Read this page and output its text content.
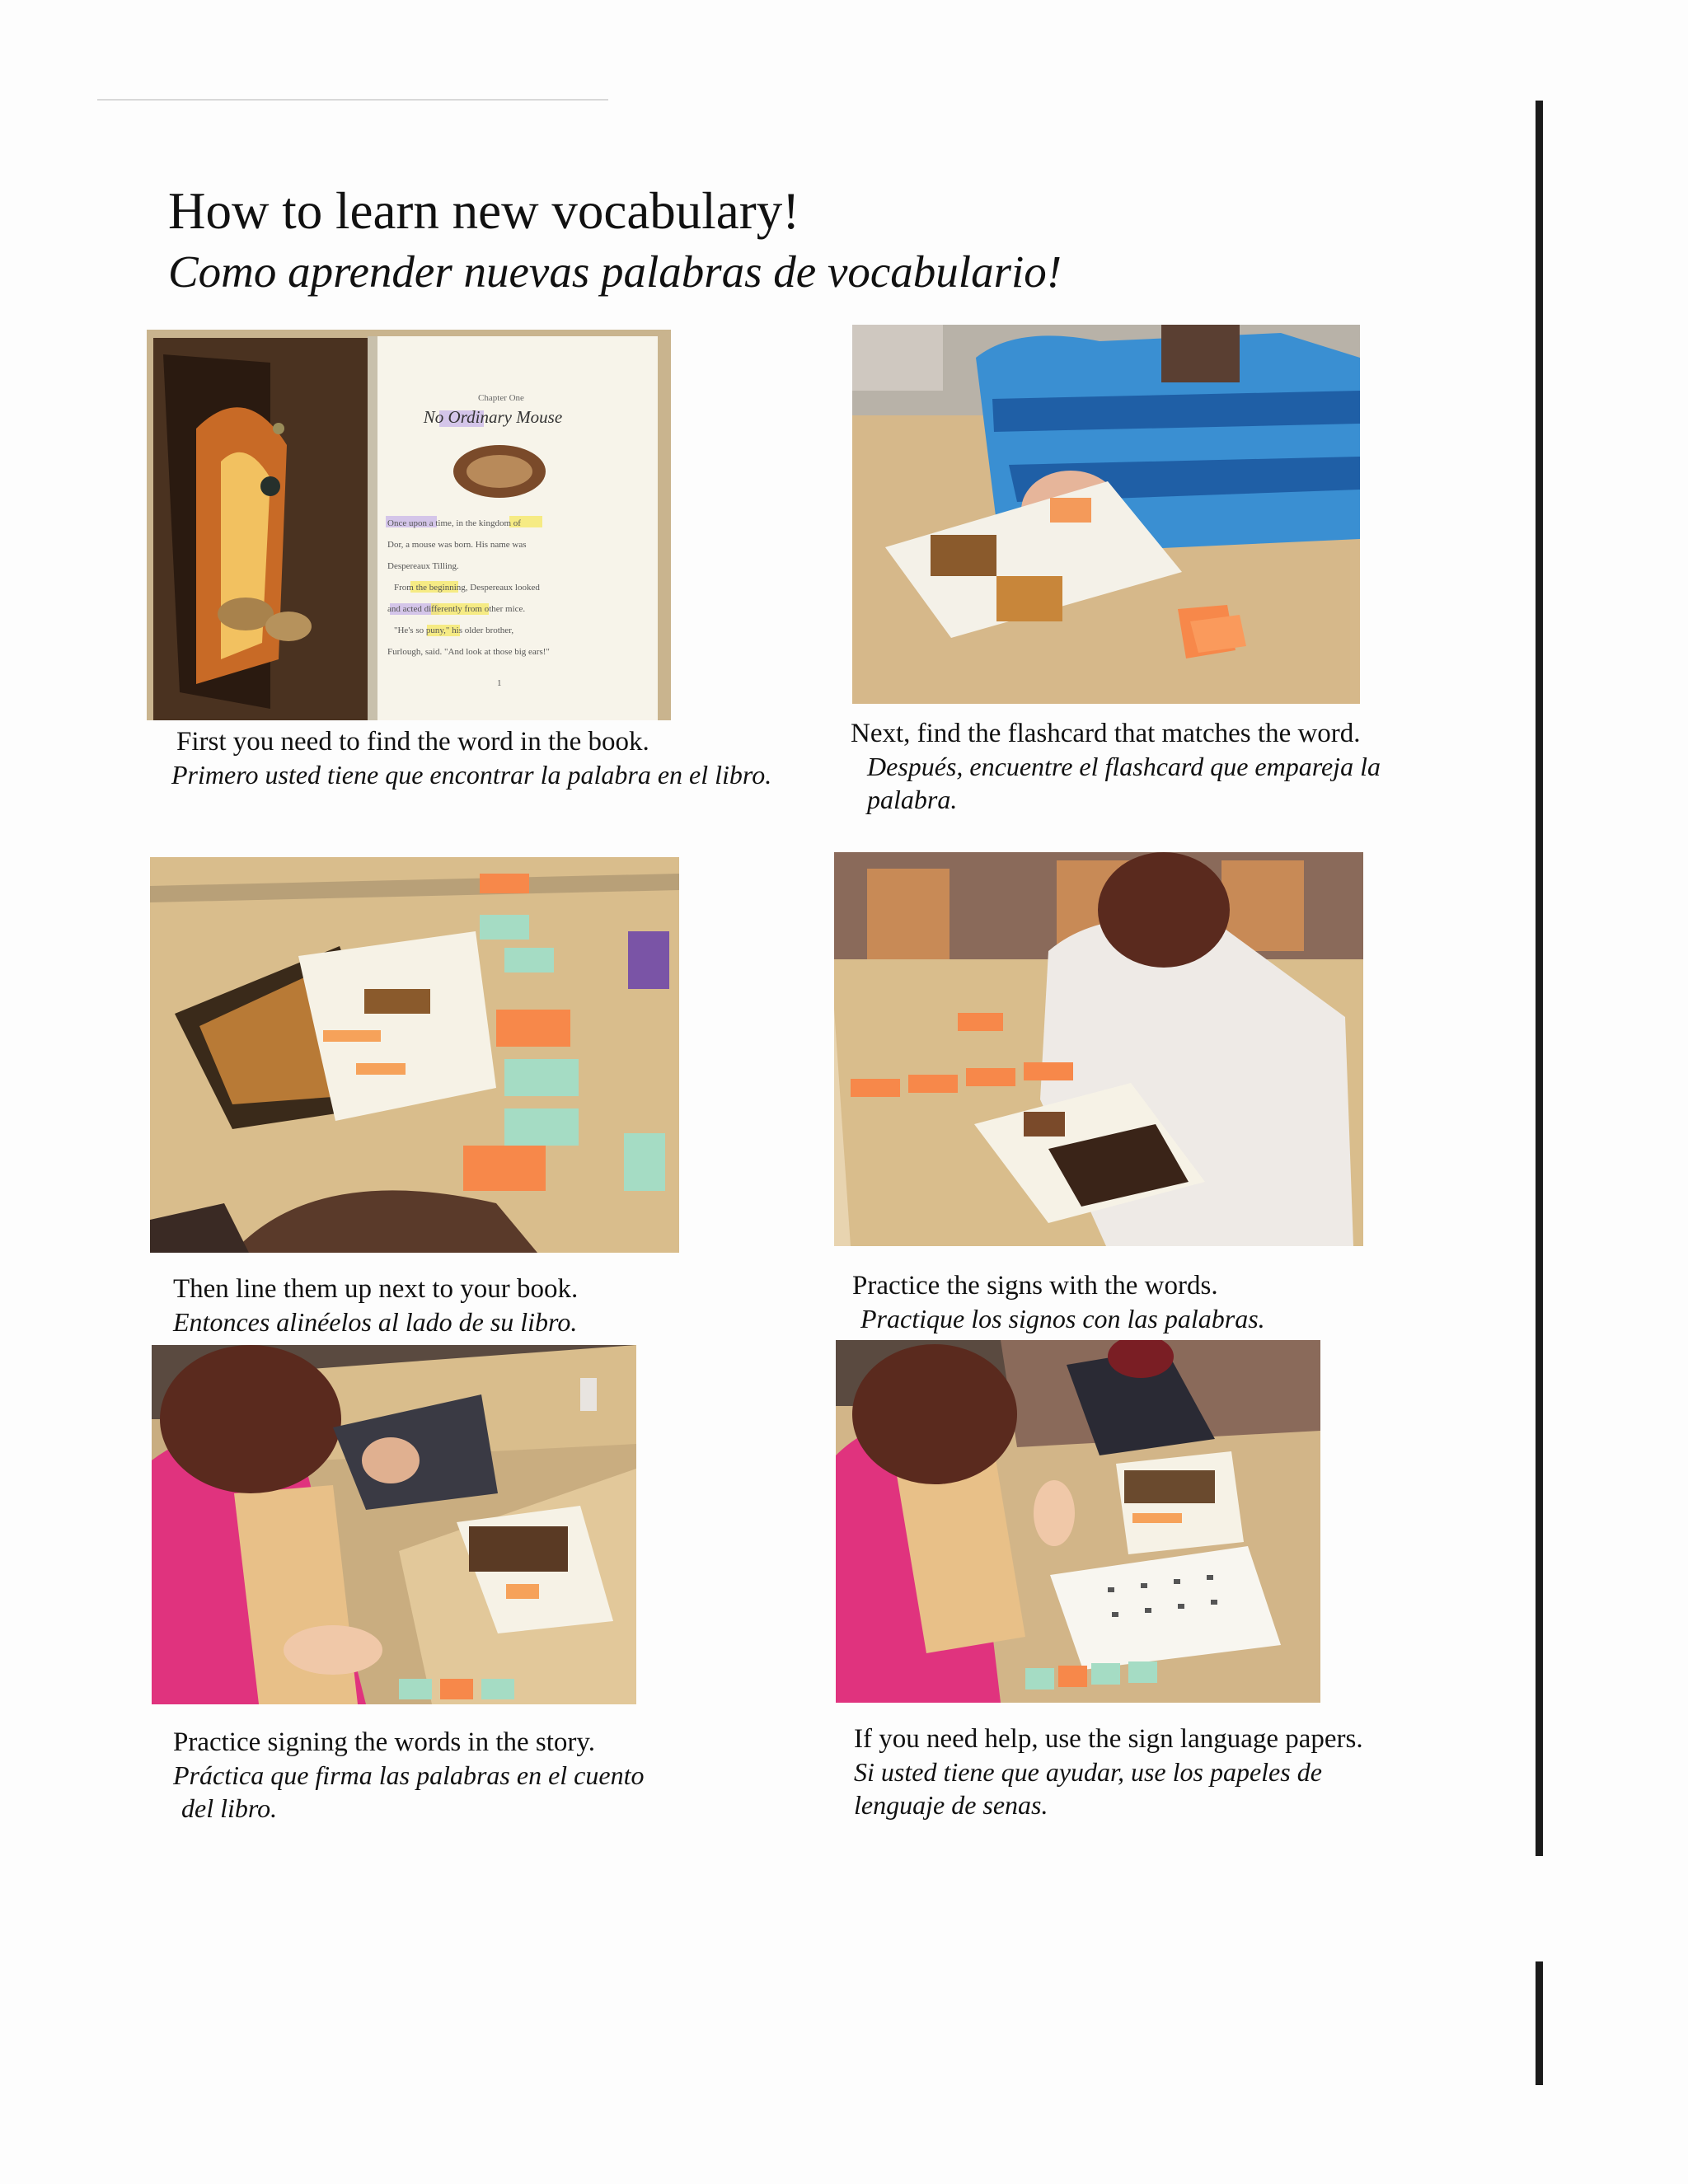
How to learn new vocabulary!
Como aprender nuevas palabras de vocabulario!
Chapter One
No Ordinary Mouse
Once upon a time, in the kingdom of
Dor, a mouse was born. His name was
Despereaux Tilling.
From the beginning, Despereaux looked
and acted differently from other mice.
"He's so puny," his older brother,
Furlough, said. "And look at those big ears!"
1
First you need to find the word in the book.
Primero usted tiene que encontrar la palabra en el libro.
Next, find the flashcard that matches the word.
Después, encuentre el flashcard que empareja la
palabra.
Then line them up next to your book.
Entonces alinéelos al lado de su libro.
Practice the signs with the words.
Practique los signos con las palabras.
Practice signing the words in the story.
Práctica que firma las palabras en el cuento
del libro.
If you need help, use the sign language papers.
Si usted tiene que ayudar, use los papeles de
lenguaje de senas.
